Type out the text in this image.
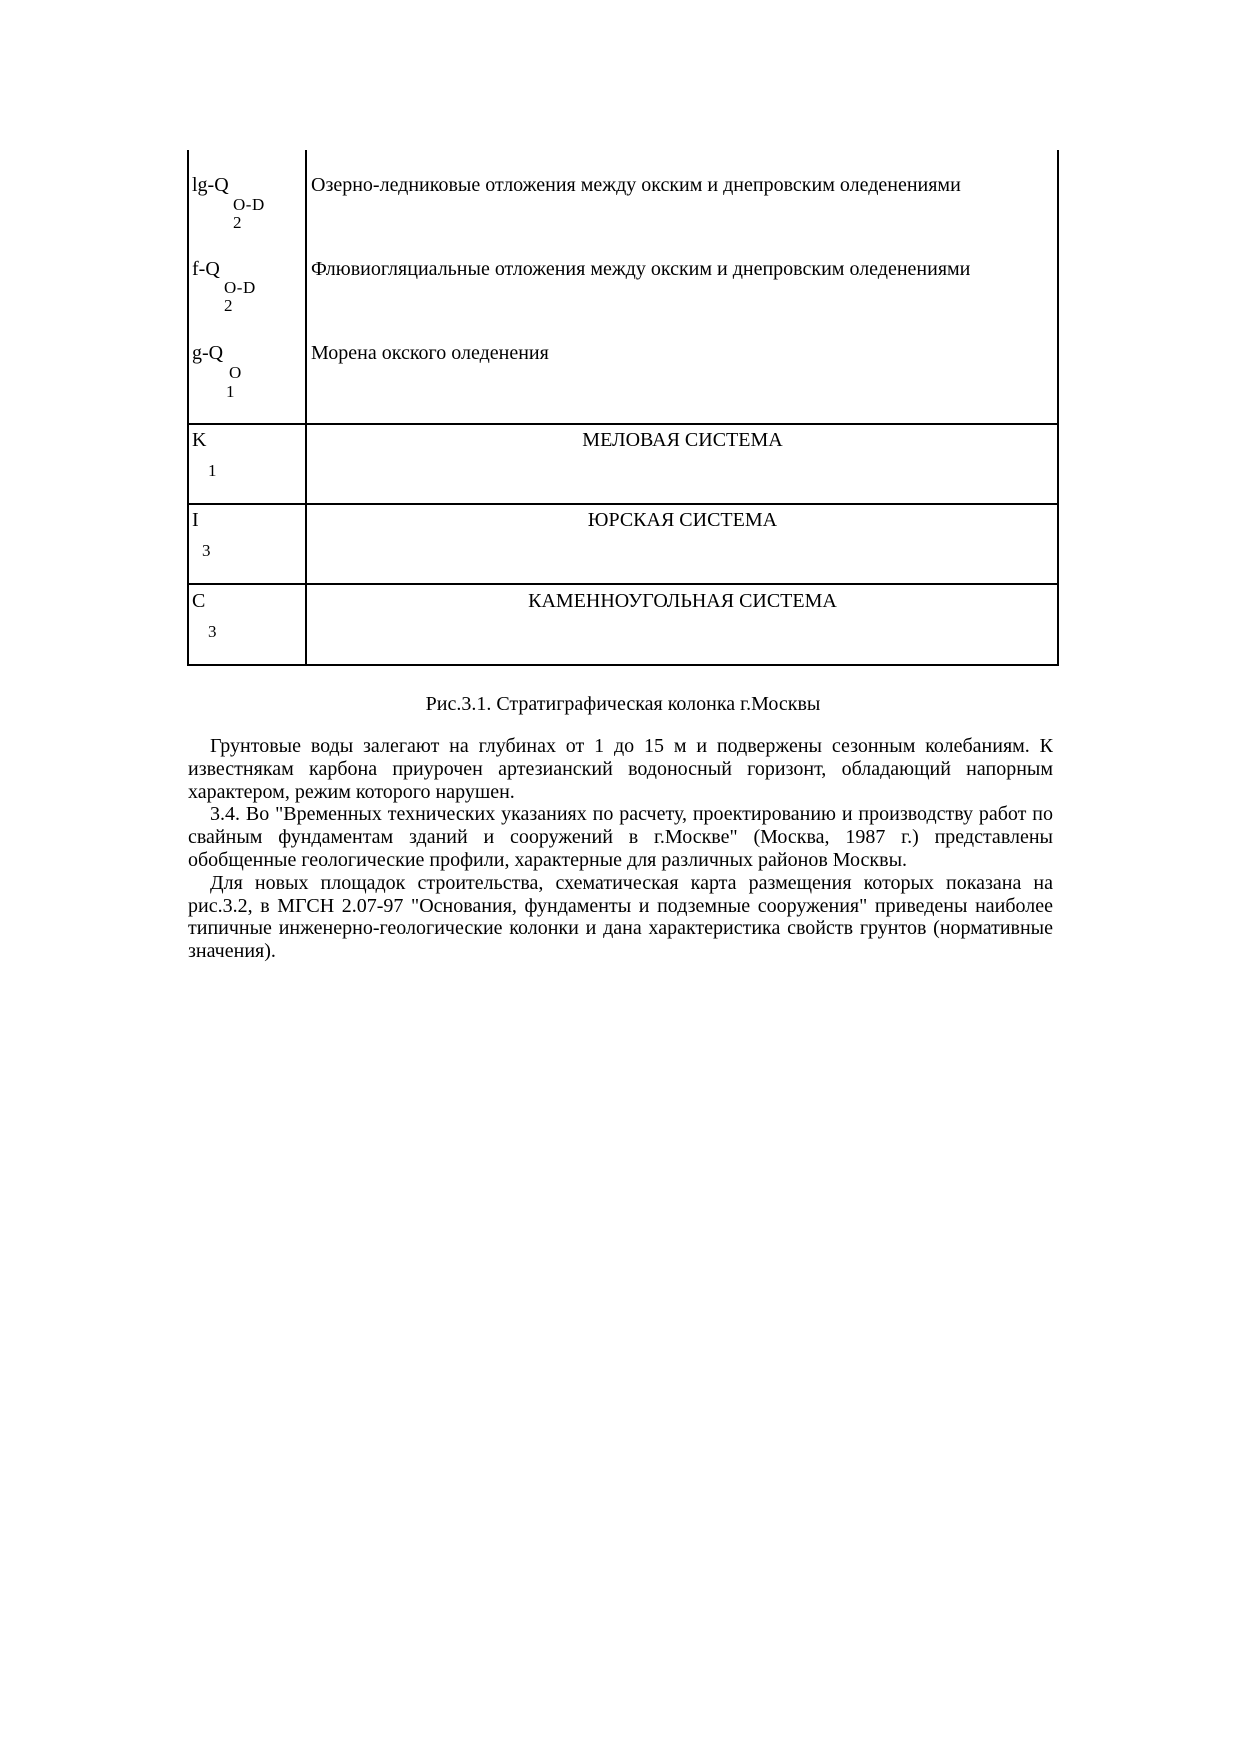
lg-Q
O-D
2
Озерно-ледниковые отложения между окским и днепровским оледенениями
f-Q
O-D
2
Флювиогляциальные отложения между окским и днепровским оледенениями
g-Q
O
1
Морена окского оледенения
K
1
МЕЛОВАЯ СИСТЕМА
I
3
ЮРСКАЯ СИСТЕМА
C
3
КАМЕННОУГОЛЬНАЯ СИСТЕМА
Рис.3.1. Стратиграфическая колонка г.Москвы

Грунтовые воды залегают на глубинах от 1 до 15 м и подвержены сезонным колебаниям. К известнякам карбона приурочен артезианский водоносный горизонт, обладающий напорным характером, режим которого нарушен.

3.4. Во "Временных технических указаниях по расчету, проектированию и производству работ по свайным фундаментам зданий и сооружений в г.Москве" (Москва, 1987 г.) представлены обобщенные геологические профили, характерные для различных районов Москвы.

Для новых площадок строительства, схематическая карта размещения которых показана на рис.3.2, в МГСН 2.07-97 "Основания, фундаменты и подземные сооружения" приведены наиболее типичные инженерно-геологические колонки и дана характеристика свойств грунтов (нормативные значения).
